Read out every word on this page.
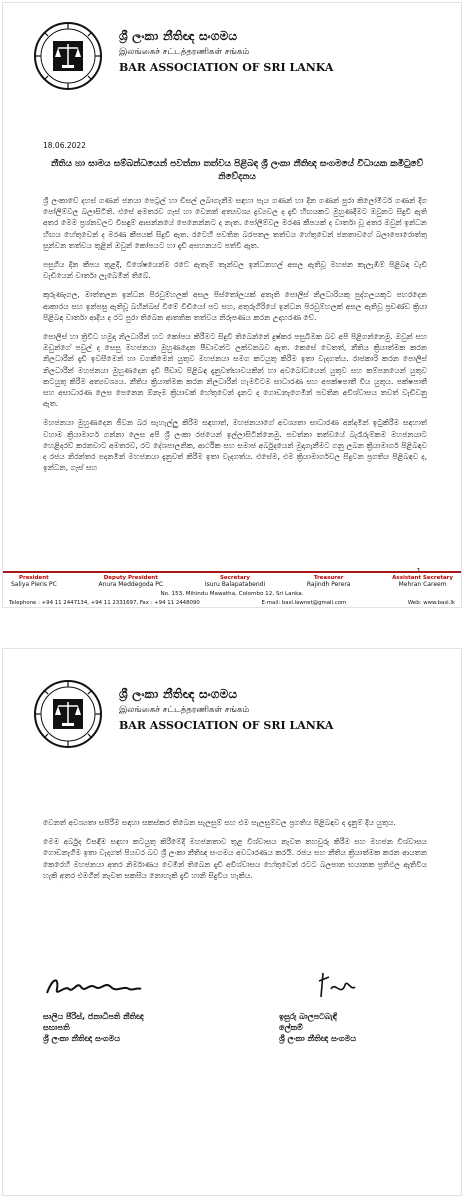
ශ්‍රී ලංකා නීතිඥ සංගමය
இலங்கைச் சட்டத்தரணிகள் சங்கம்
BAR ASSOCIATION OF SRI LANKA
18.06.2022
නීතිය හා සාමය සම්බන්ධයෙන් පවත්නා තත්වය පිළිබඳ ශ්‍රී ලංකා නීතිඥ සංගමයේ විධායක කමිටුවේ නිවේදනය

ශ්‍රී ලංකාවේ දහස් ගණන් ජනයා පෙට්‍රල් හා ඩීසල් ලබාගැනීම සඳහා පැය ගණන් හා දින ගණන් පුරා කිලෝමීටර් ගණන් දිග පෝලිම්වල බලාසිටිති. එසේ අමතරව ගෑස් හා වෙනත් අත්‍යවශ්‍ය ද්‍රව්‍යවල ද දැඩි හිඟයකට මුහුණදීමට ඔවුනට සිදුවී ඇති අතර මෙම ප්‍රශ්නවලට විසඳුම් ආසන්නයේ පෙනෙන්නට ද නැත. පෝලිම්වල මරණ කීපයක් ද වාර්තා වූ අතර ඔවුන් ඉන්ධන හිඟය හේතුවෙන් ද මරණ කීපයක් සිදුවී ඇත. රටෙහි පවතින බරපතල තත්වය හේතුවෙන් ජනතාවගේ බලාපොරොත්තු සුන්වන තත්වය තුළින් ඔවුන් කෝපයට හා දැඩි අසහනයට පත්වී ඇත.

පසුගිය දින කීපය තුළදී, විශේෂයෙන්ම රටේ ඇතැම් තැන්වල ඉන්ධනහල් අසල ඇතිවූ මහජන කැලැඹීම් පිළිබඳ වැඩි වැඩියෙන් වාර්තා ලැබෙමින් තිබේ.

කුරුණෑගල, මාත්තලන ඉන්ධන පිරවුම්හලක් අසල පිස්තෝලයක් අතැති පොලිස් නිලධාරියකු පුද්ගලයකුට පහරදෙන ආකාරය සහ ඉන්පසු ඇතිවූ බහින්බස් වීමේ වීඩියෝ පට සහ, අතුරුගිරියේ ඉන්ධන පිරවුම්හලක් අසල ඇතිවූ ප්‍රචණ්ඩ ක්‍රියා පිළිබඳ වාර්තා ආදිය ද රට පුරා තිබෙන ආතතික තත්වය නිරූපණය කරන උදාහරණ වේ.

පොලිස් හා ත්‍රිවිධ හමුදා නිලධාරීන් හට කෝපය කිරීමට සිදුවී තිබෙන්නේ දුෂ්කර පසුබිමක බව අපි පිළිගන්නෙමු. ඔවුන් සහ ඔවුන්ගේ පවුල් ද සෙසු මහජනයා මුහුණදෙන පීඩාවන්ට ලක්වනබව ඇත. කෙසේ වෙතත්, නීතිය ක්‍රියාත්මක කරන නිලධාරීන් දැඩි ඉවසීමෙන් හා වගකීමෙන් යුතුව මහජනයා සමග කටයුතු කිරීම ඉතා වැදගත්ය. රාජකාරි කරන පොලිස් නිලධාරීන් මහජනයා මුහුණදෙන දැඩි පීඩාව පිළිබඳ දැනුවත්භාවයකින් හා අවබෝධයෙන් යුතුව සහ කම්පනයෙන් යුතුව කටයුතු කිරීම අත්‍යවශ්‍යය. නීතිය ක්‍රියාත්මක කරන නිලධාරීන් හැමවිටම සාධාරණ සහ අපක්ෂපාතී විය යුතුය. පක්ෂපාතී සහ අසාධාරණ ලෙස පෙනෙන ඕනෑම ක්‍රියාවක් හේතුවෙන් දැනට ද ගොඩනැගෙමින් පවතින අවිශ්වාසය තවත් වැඩිවනු ඇත.

මහජනයා මුහුණදෙන ජීවන බර සැහැල්ලු කිරීම සඳහාත්, මහජනයාගේ අවශ්‍යතා සාධාරණ අන්දමින් ඉටුකිරීම සඳහාත් වහාම ක්‍රියාමාර්ග ගන්නා ලෙස අපි ශ්‍රී ලංකා රජයෙන් ඉල්ලාසිටින්නෙමු. පවත්නා තත්වයේ බැරෑරුම්කම මහජනයාට හෙළිදරව් කරනවාට අමතරව, රට දේශපාලනික, ආර්ථික සහ සමාජ අර්බුදයෙන් මුදාගැනීමට ගනු ලබන ක්‍රියාමාර්ග පිළිබඳව ද රජය නිරන්තර පදනමින් මහජනයා දැනුවත් කිරීම ඉතා වැදගත්ය. එසේම, එම ක්‍රියාමාර්ගවල සිදුවන ප්‍රගතිය පිළිබඳව ද, ඉන්ධන, ගෑස් සහ

President
Saliya Pieris PC
Deputy President
Anura Meddegoda PC
Secretary
Isuru Balapatabendi
Treasurer
Rajindh Perera
Assistant Secretary
Mehran Careem
No. 153, Mihindu Mawatha, Colombo 12, Sri Lanka.
Telephone : +94 11 2447134, +94 11 2331697, Fax : +94 11 2448090	E-mail: basl.lawnet@gmail.com	Web: www.basl.lk
ශ්‍රී ලංකා නීතිඥ සංගමය
இலங்கைச் சட்டத்தரணிகள் சங்கம்
BAR ASSOCIATION OF SRI LANKA

වෙනත් අවශ්‍යතා සපිරීම සඳහා සකස්කර තිබෙන සැලසුම් සහ එම සැලසුම්වල ප්‍රගතිය පිළිබඳව ද දැනුම් දිය යුතුය.

මෙම අර්බුද විසඳීම සඳහා කටයුතු කිරීමේදී මහජනතාව තුළ විශ්වාසය නැවත තහවුරු කිරීම සහ මහජන විශ්වාසය ගොඩනැගීම ඉතා වැදගත් පියවර බව ශ්‍රී ලංකා නීතිඥ සංගමය අවධාරණය කරයි. රජය සහ නීතිය ක්‍රියාත්මක කරන ආයතන කෙරෙහි මහජනයා අතර නිර්මාණය වෙමින් තිබෙන දැඩි අවිශ්වාසය හේතුවෙන් රටට බලපාන භයානක ප්‍රතිඵල ඇතිවිය හැකි අතර එමගින් නැවත සකසිය නොහැකි දැඩි හානි සිදුවිය හැකිය.

සාලිය පීරිස්, ජනාධිපති නීතිඥ
සභාපති
ශ්‍රී ලංකා නීතිඥ සංගමය
ඉසුරු බාලපටබැඳි
ලේකම්
ශ්‍රී ලංකා නීතිඥ සංගමය
